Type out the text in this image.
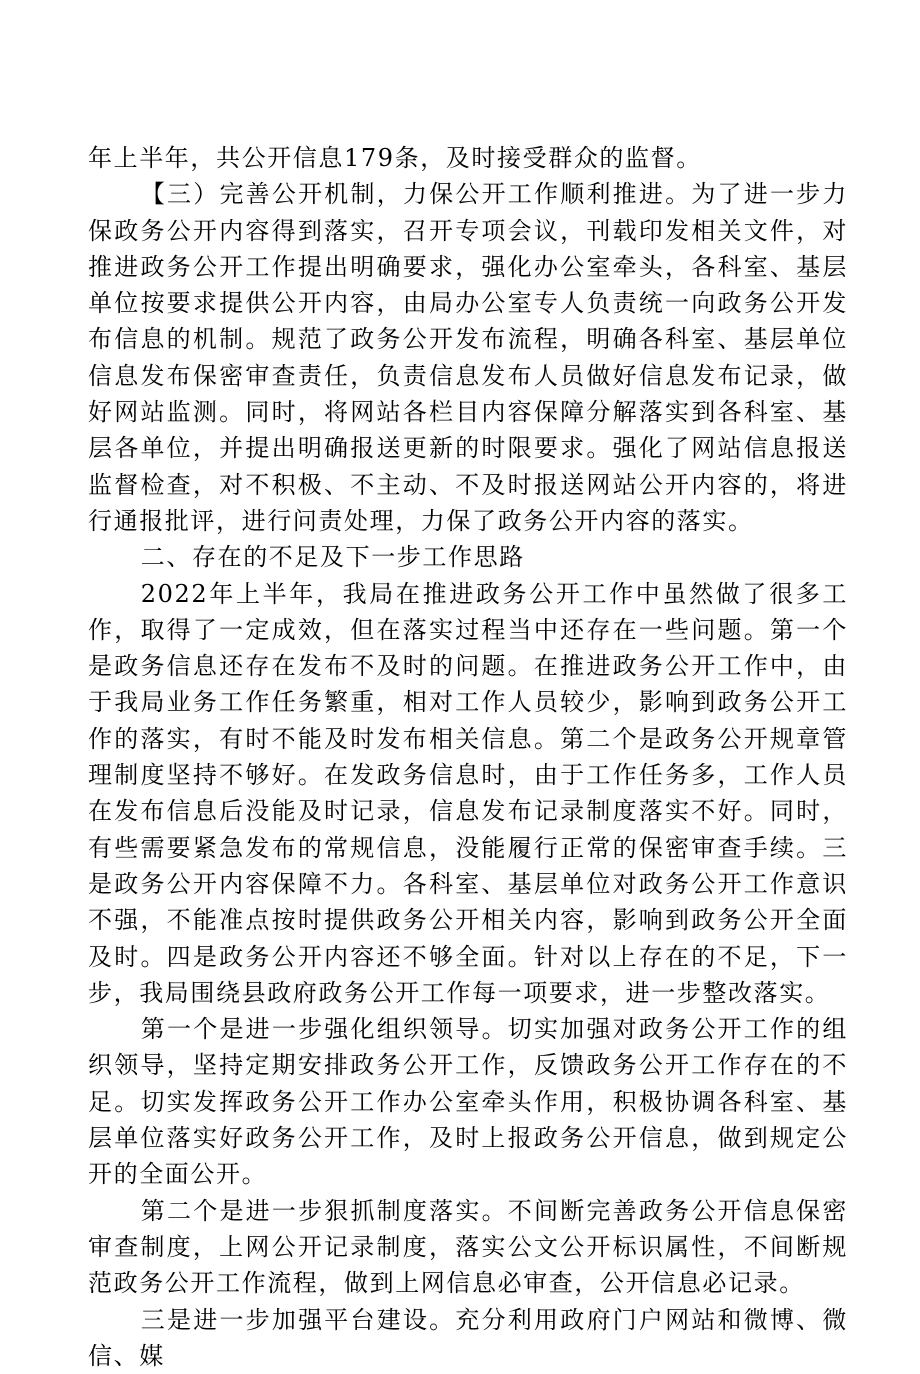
年上半年，共公开信息179条，及时接受群众的监督。

【三）完善公开机制，力保公开工作顺利推进。为了进一步力保政务公开内容得到落实，召开专项会议，刊载印发相关文件，对推进政务公开工作提出明确要求，强化办公室牵头，各科室、基层单位按要求提供公开内容，由局办公室专人负责统一向政务公开发布信息的机制。规范了政务公开发布流程，明确各科室、基层单位信息发布保密审查责任，负责信息发布人员做好信息发布记录，做好网站监测。同时，将网站各栏目内容保障分解落实到各科室、基层各单位，并提出明确报送更新的时限要求。强化了网站信息报送监督检查，对不积极、不主动、不及时报送网站公开内容的，将进行通报批评，进行问责处理，力保了政务公开内容的落实。

二、存在的不足及下一步工作思路

2022年上半年，我局在推进政务公开工作中虽然做了很多工作，取得了一定成效，但在落实过程当中还存在一些问题。第一个是政务信息还存在发布不及时的问题。在推进政务公开工作中，由于我局业务工作任务繁重，相对工作人员较少，影响到政务公开工作的落实，有时不能及时发布相关信息。第二个是政务公开规章管理制度坚持不够好。在发政务信息时，由于工作任务多，工作人员在发布信息后没能及时记录，信息发布记录制度落实不好。同时，有些需要紧急发布的常规信息，没能履行正常的保密审查手续。三是政务公开内容保障不力。各科室、基层单位对政务公开工作意识不强，不能准点按时提供政务公开相关内容，影响到政务公开全面及时。四是政务公开内容还不够全面。针对以上存在的不足，下一步，我局围绕县政府政务公开工作每一项要求，进一步整改落实。

第一个是进一步强化组织领导。切实加强对政务公开工作的组织领导，坚持定期安排政务公开工作，反馈政务公开工作存在的不足。切实发挥政务公开工作办公室牵头作用，积极协调各科室、基层单位落实好政务公开工作，及时上报政务公开信息，做到规定公开的全面公开。

第二个是进一步狠抓制度落实。不间断完善政务公开信息保密审查制度，上网公开记录制度，落实公文公开标识属性，不间断规范政务公开工作流程，做到上网信息必审查，公开信息必记录。

三是进一步加强平台建设。充分利用政府门户网站和微博、微信、媒
